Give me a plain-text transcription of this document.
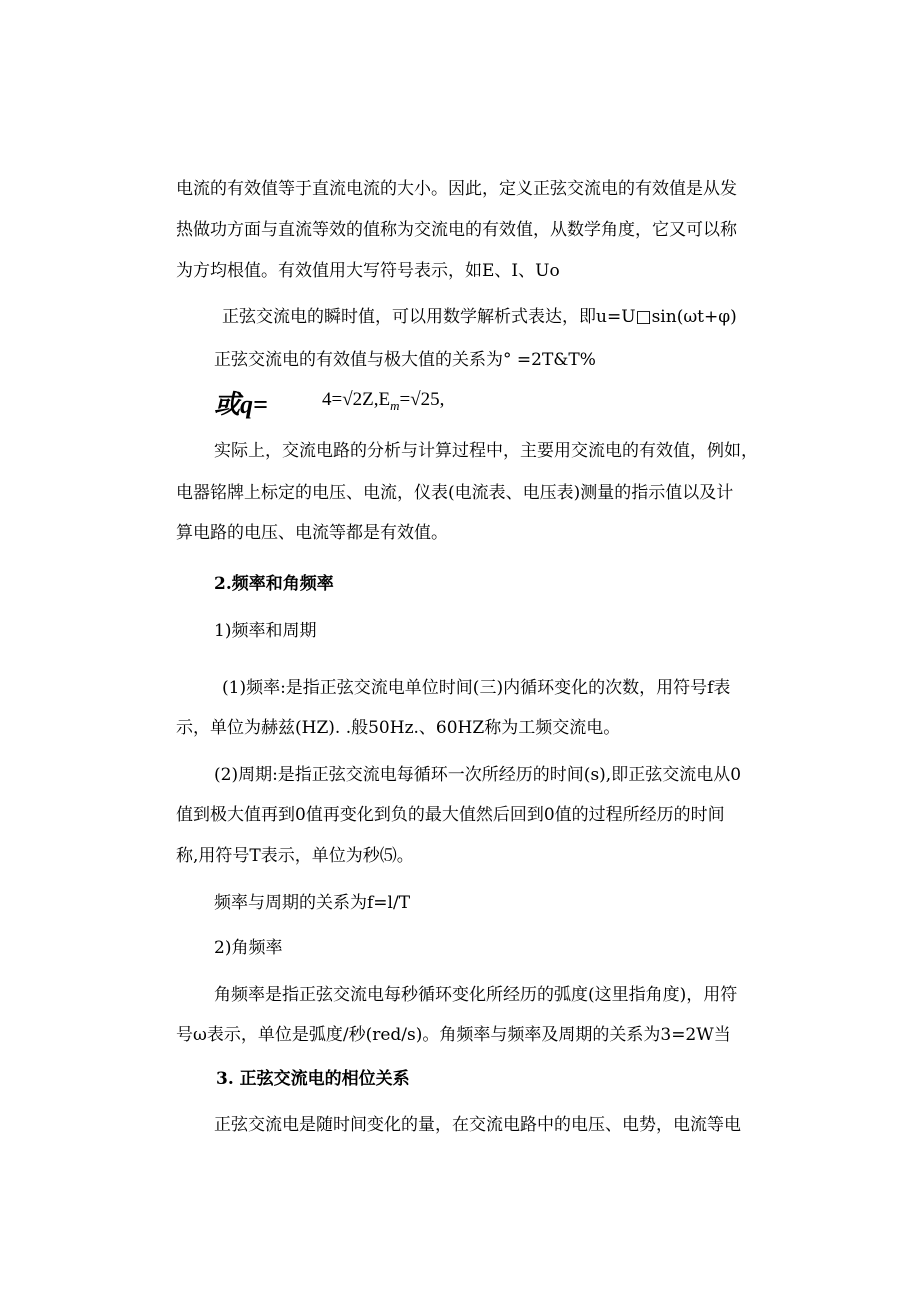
电流的有效值等于直流电流的大小。因此，定义正弦交流电的有效值是从发
热做功方面与直流等效的值称为交流电的有效值，从数学角度，它又可以称
为方均根值。有效值用大写符号表示，如E、I、Uo
正弦交流电的瞬时值，可以用数学解析式表达，即u=U□sin(ωt+φ)
正弦交流电的有效值与极大值的关系为° =2T&T%
或q=	$4=√2Z,E_m=√25$,
实际上，交流电路的分析与计算过程中，主要用交流电的有效值，例如，
电器铭牌上标定的电压、电流，仪表(电流表、电压表)测量的指示值以及计
算电路的电压、电流等都是有效值。
2.频率和角频率
1)频率和周期
(1)频率:是指正弦交流电单位时间(三)内循环变化的次数，用符号f表
示，单位为赫兹(HZ). .般50Hz.、60HZ称为工频交流电。
(2)周期:是指正弦交流电每循环一次所经历的时间(s),即正弦交流电从0
值到极大值再到0值再变化到负的最大值然后回到0值的过程所经历的时间
称,用符号T表示，单位为秒⑸。
频率与周期的关系为f=l/T
2)角频率
角频率是指正弦交流电每秒循环变化所经历的弧度(这里指角度)，用符
号ω表示，单位是弧度/秒(red/s)。角频率与频率及周期的关系为3=2W当
3. 正弦交流电的相位关系
正弦交流电是随时间变化的量，在交流电路中的电压、电势，电流等电
